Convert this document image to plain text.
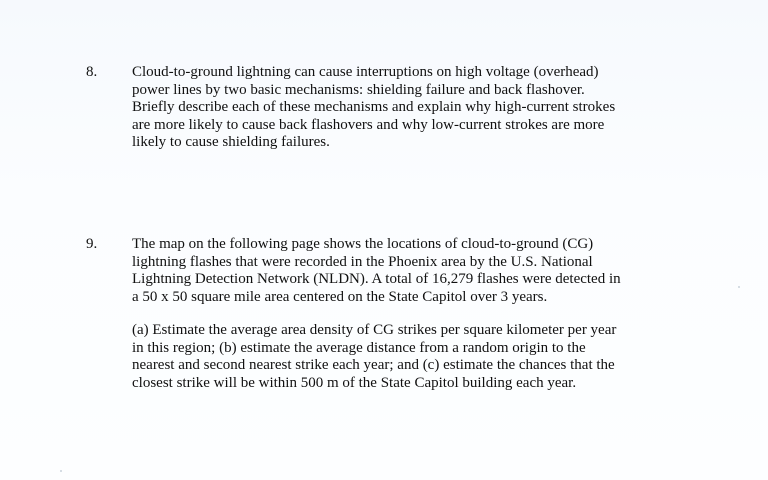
8.	Cloud-to-ground lightning can cause interruptions on high voltage (overhead)
power lines by two basic mechanisms: shielding failure and back flashover.
Briefly describe each of these mechanisms and explain why high-current strokes
are more likely to cause back flashovers and why low-current strokes are more
likely to cause shielding failures.

9.	The map on the following page shows the locations of cloud-to-ground (CG)
lightning flashes that were recorded in the Phoenix area by the U.S. National
Lightning Detection Network (NLDN). A total of 16,279 flashes were detected in
a 50 x 50 square mile area centered on the State Capitol over 3 years.

(a) Estimate the average area density of CG strikes per square kilometer per year
in this region; (b) estimate the average distance from a random origin to the
nearest and second nearest strike each year; and (c) estimate the chances that the
closest strike will be within 500 m of the State Capitol building each year.
